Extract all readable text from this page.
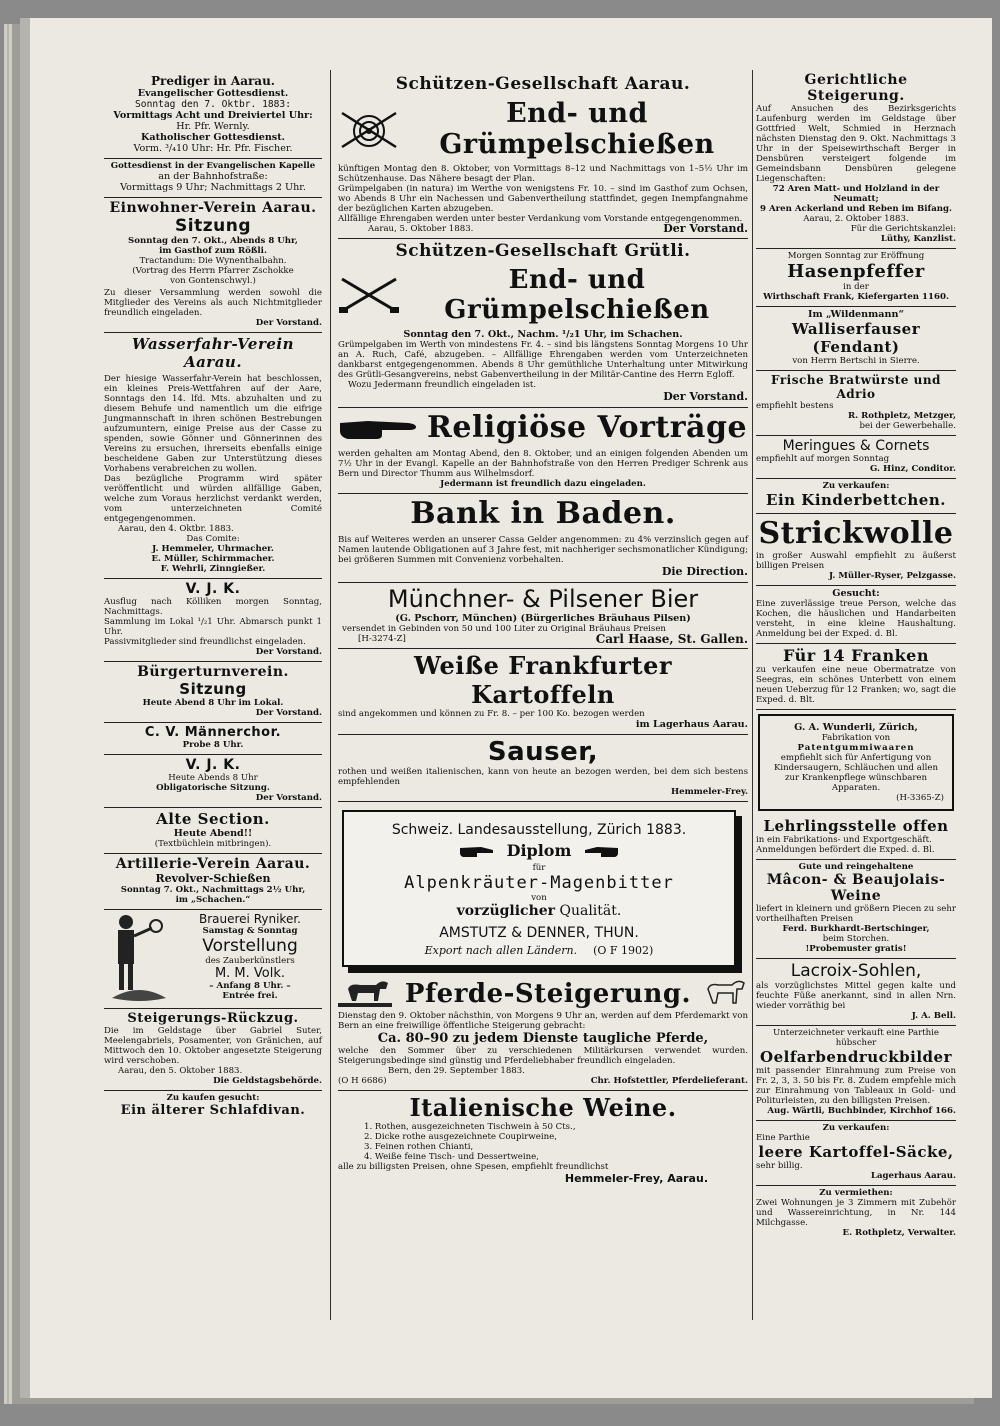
Prediger in Aarau.

Evangelischer Gottesdienst.

Sonntag den 7. Oktbr. 1883:

Vormittags Acht und Dreiviertel Uhr:

Hr. Pfr. Wernly.

Katholischer Gottesdienst.

Vorm. ³/₄10 Uhr: Hr. Pfr. Fischer.

Gottesdienst in der Evangelischen Kapelle

an der Bahnhofstraße:

Vormittags 9 Uhr; Nachmittags 2 Uhr.

Einwohner-Verein Aarau.

Sitzung

Sonntag den 7. Okt., Abends 8 Uhr,

im Gasthof zum Rößli.

Tractandum: Die Wynenthalbahn.

(Vortrag des Herrn Pfarrer Zschokke

von Gontenschwyl.)

Zu dieser Versammlung werden sowohl die Mitglieder des Vereins als auch Nichtmitglieder freundlich eingeladen.

Der Vorstand.

Wasserfahr-Verein Aarau.

Der hiesige Wasserfahr-Verein hat beschlossen, ein kleines Preis-Wettfahren auf der Aare, Sonntags den 14. lfd. Mts. abzuhalten und zu diesem Behufe und namentlich um die eifrige Jungmannschaft in ihren schönen Bestrebungen aufzumuntern, einige Preise aus der Casse zu spenden, sowie Gönner und Gönnerinnen des Vereins zu ersuchen, ihrerseits ebenfalls einige bescheidene Gaben zur Unterstützung dieses Vorhabens verabreichen zu wollen.

Das bezügliche Programm wird später veröffentlicht und würden allfällige Gaben, welche zum Voraus herzlichst verdankt werden, vom unterzeichneten Comité entgegengenommen.

Aarau, den 4. Oktbr. 1883.

Das Comite:

J. Hemmeler, Uhrmacher.

E. Müller, Schirmmacher.

F. Wehrli, Zinngießer.

V. J. K.

Ausflug nach Kölliken morgen Sonntag, Nachmittags.

Sammlung im Lokal ¹/₂1 Uhr. Abmarsch punkt 1 Uhr.

Passivmitglieder sind freundlichst eingeladen.

Der Vorstand.

Bürgerturnverein.

Sitzung

Heute Abend 8 Uhr im Lokal.

Der Vorstand.

C. V. Männerchor.

Probe 8 Uhr.

V. J. K.

Heute Abends 8 Uhr

Obligatorische Sitzung.

Der Vorstand.

Alte Section.

Heute Abend!!

(Textbüchlein mitbringen).

Artillerie-Verein Aarau.

Revolver-Schießen

Sonntag 7. Okt., Nachmittags 2½ Uhr,

im „Schachen.“

Brauerei Ryniker.

Samstag & Sonntag

Vorstellung

des Zauberkünstlers

M. M. Volk.

– Anfang 8 Uhr. –

Entrée frei.

Steigerungs-Rückzug.

Die im Geldstage über Gabriel Suter, Meelengabriels, Posamenter, von Gränichen, auf Mittwoch den 10. Oktober angesetzte Steigerung wird verschoben.

Aarau, den 5. Oktober 1883.

Die Geldstagsbehörde.

Zu kaufen gesucht:

Ein älterer Schlafdivan.

Schützen-Gesellschaft Aarau.

End- und Grümpelschießen

künftigen Montag den 8. Oktober, von Vormittags 8–12 und Nachmittags von 1–5½ Uhr im Schützenhause. Das Nähere besagt der Plan.

Grümpelgaben (in natura) im Werthe von wenigstens Fr. 10. – sind im Gasthof zum Ochsen, wo Abends 8 Uhr ein Nachessen und Gabenvertheilung stattfindet, gegen Inempfangnahme der bezüglichen Karten abzugeben.

Allfällige Ehrengaben werden unter bester Verdankung vom Vorstande entgegengenommen.

Aarau, 5. Oktober 1883.	Der Vorstand.

Schützen-Gesellschaft Grütli.

End- und Grümpelschießen

Sonntag den 7. Okt., Nachm. ¹/₂1 Uhr, im Schachen.

Grümpelgaben im Werth von mindestens Fr. 4. – sind bis längstens Sonntag Morgens 10 Uhr an A. Ruch, Café, abzugeben. – Allfällige Ehrengaben werden vom Unterzeichneten dankbarst entgegengenommen. Abends 8 Uhr gemüthliche Unterhaltung unter Mitwirkung des Grütli-Gesangvereins, nebst Gabenvertheilung in der Militär-Cantine des Herrn Egloff.

Wozu Jedermann freundlich eingeladen ist.

Der Vorstand.

Religiöse Vorträge

werden gehalten am Montag Abend, den 8. Oktober, und an einigen folgenden Abenden um 7½ Uhr in der Evangl. Kapelle an der Bahnhofstraße von den Herren Prediger Schrenk aus Bern und Director Thumm aus Wilhelmsdorf.

Jedermann ist freundlich dazu eingeladen.

Bank in Baden.

Bis auf Weiteres werden an unserer Cassa Gelder angenommen: zu 4% verzinslich gegen auf Namen lautende Obligationen auf 3 Jahre fest, mit nachheriger sechsmonatlicher Kündigung; bei größeren Summen mit Convenienz vorbehalten.

Die Direction.

Münchner- & Pilsener Bier

(G. Pschorr, München) (Bürgerliches Bräuhaus Pilsen)

versendet in Gebinden von 50 und 100 Liter zu Original Bräuhaus Preisen

[H-3274-Z]	Carl Haase, St. Gallen.

Weiße Frankfurter Kartoffeln

sind angekommen und können zu Fr. 8. – per 100 Ko. bezogen werden

im Lagerhaus Aarau.

Sauser,

rothen und weißen italienischen, kann von heute an bezogen werden, bei dem sich bestens empfehlenden

Hemmeler-Frey.

Schweiz. Landesausstellung, Zürich 1883.

Diplom

für

Alpenkräuter-Magenbitter

von

vorzüglicher Qualität.

AMSTUTZ & DENNER, THUN.

Export nach allen Ländern. (O F 1902)

Pferde-Steigerung.

Dienstag den 9. Oktober nächsthin, von Morgens 9 Uhr an, werden auf dem Pferdemarkt von Bern an eine freiwillige öffentliche Steigerung gebracht:

Ca. 80–90 zu jedem Dienste taugliche Pferde,

welche den Sommer über zu verschiedenen Militärkursen verwendet wurden. Steigerungsbedinge sind günstig und Pferdeliebhaber freundlich eingeladen.

Bern, den 29. September 1883.

(O H 6686)	Chr. Hofstettler, Pferdelieferant.

Italienische Weine.

1. Rothen, ausgezeichneten Tischwein à 50 Cts.,

2. Dicke rothe ausgezeichnete Coupirweine,

3. Feinen rothen Chianti,

4. Weiße feine Tisch- und Dessertweine,

alle zu billigsten Preisen, ohne Spesen, empfiehlt freundlichst

Hemmeler-Frey, Aarau.

Gerichtliche Steigerung.

Auf Ansuchen des Bezirksgerichts Laufenburg werden im Geldstage über Gottfried Welt, Schmied in Herznach nächsten Dienstag den 9. Okt. Nachmittags 3 Uhr in der Speisewirthschaft Berger in Densbüren versteigert folgende im Gemeindsbann Densbüren gelegene Liegenschaften:

72 Aren Matt- und Holzland in der Neumatt;

9 Aren Ackerland und Reben im Bifang.

Aarau, 2. Oktober 1883.

Für die Gerichtskanzlei:

Lüthy, Kanzlist.

Morgen Sonntag zur Eröffnung

Hasenpfeffer

in der

Wirthschaft Frank, Kiefergarten 1160.

Im „Wildenmann“

Walliserfauser (Fendant)

von Herrn Bertschi in Sierre.

Frische Bratwürste und Adrio

empfiehlt bestens

R. Rothpletz, Metzger,

bei der Gewerbehalle.

Meringues & Cornets

empfiehlt auf morgen Sonntag

G. Hinz, Conditor.

Zu verkaufen:

Ein Kinderbettchen.

Strickwolle

in großer Auswahl empfiehlt zu äußerst billigen Preisen

J. Müller-Ryser, Pelzgasse.

Gesucht:

Eine zuverlässige treue Person, welche das Kochen, die häuslichen und Handarbeiten versteht, in eine kleine Haushaltung. Anmeldung bei der Exped. d. Bl.

Für 14 Franken

zu verkaufen eine neue Obermatratze von Seegras, ein schönes Unterbett von einem neuen Ueberzug für 12 Franken; wo, sagt die Exped. d. Blt.

G. A. Wunderli, Zürich,

Fabrikation von

Patentgummiwaaren

empfiehlt sich für Anfertigung von Kindersaugern, Schläuchen und allen zur Krankenpflege wünschbaren Apparaten.

(H-3365-Z)

Lehrlingsstelle offen

in ein Fabrikations- und Exportgeschäft. Anmeldungen befördert die Exped. d. Bl.

Gute und reingehaltene

Mâcon- & Beaujolais-Weine

liefert in kleinern und größern Piecen zu sehr vortheilhaften Preisen

Ferd. Burkhardt-Bertschinger,

beim Storchen.

!Probemuster gratis!

Lacroix-Sohlen,

als vorzüglichstes Mittel gegen kalte und feuchte Füße anerkannt, sind in allen Nrn. wieder vorräthig bei

J. A. Bell.

Unterzeichneter verkauft eine Parthie hübscher

Oelfarbendruckbilder

mit passender Einrahmung zum Preise von Fr. 2, 3, 3. 50 bis Fr. 8. Zudem empfehle mich zur Einrahmung von Tableaux in Gold- und Politurleisten, zu den billigsten Preisen.

Aug. Wärtli, Buchbinder, Kirchhof 166.

Zu verkaufen:

Eine Parthie

leere Kartoffel-Säcke,

sehr billig.

Lagerhaus Aarau.

Zu vermiethen:

Zwei Wohnungen je 3 Zimmern mit Zubehör und Wassereinrichtung, in Nr. 144 Milchgasse.

E. Rothpletz, Verwalter.
